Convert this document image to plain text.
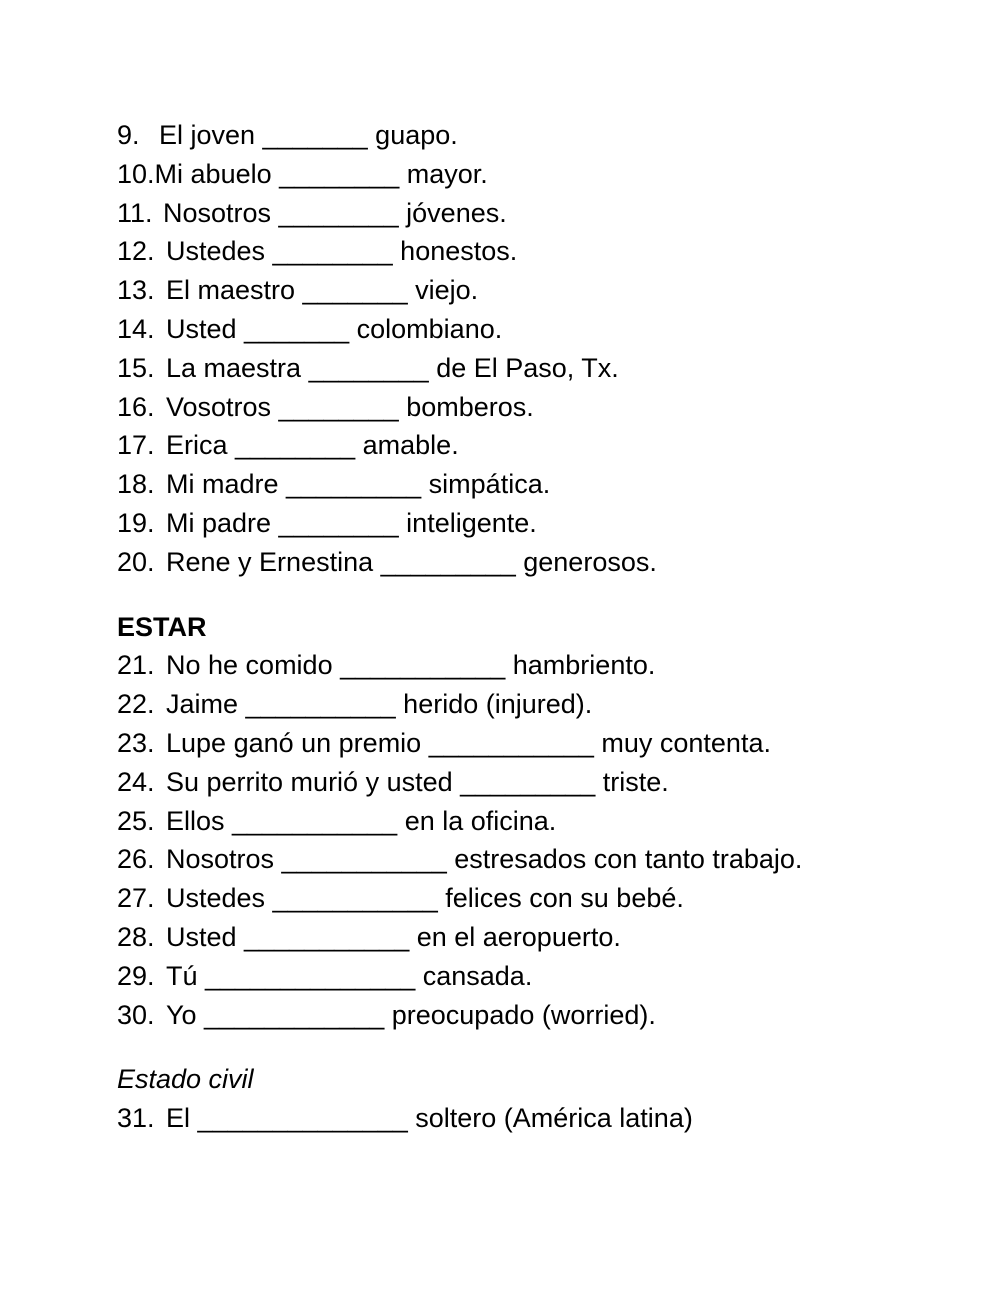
9. El joven _______ guapo.
10.Mi abuelo ________ mayor.
11. Nosotros ________ jóvenes.
12. Ustedes ________ honestos.
13. El maestro _______ viejo.
14. Usted _______ colombiano.
15. La maestra ________ de El Paso, Tx.
16. Vosotros ________ bomberos.
17. Erica ________ amable.
18. Mi madre _________ simpática.
19. Mi padre ________ inteligente.
20. Rene y Ernestina _________ generosos.
ESTAR
21. No he comido ___________ hambriento.
22. Jaime __________ herido (injured).
23. Lupe ganó un premio ___________ muy contenta.
24. Su perrito murió y usted _________ triste.
25. Ellos ___________ en la oficina.
26. Nosotros ___________ estresados con tanto trabajo.
27. Ustedes ___________ felices con su bebé.
28. Usted ___________ en el aeropuerto.
29. Tú ______________ cansada.
30. Yo ____________ preocupado (worried).
Estado civil
31. El ______________ soltero (América latina)
